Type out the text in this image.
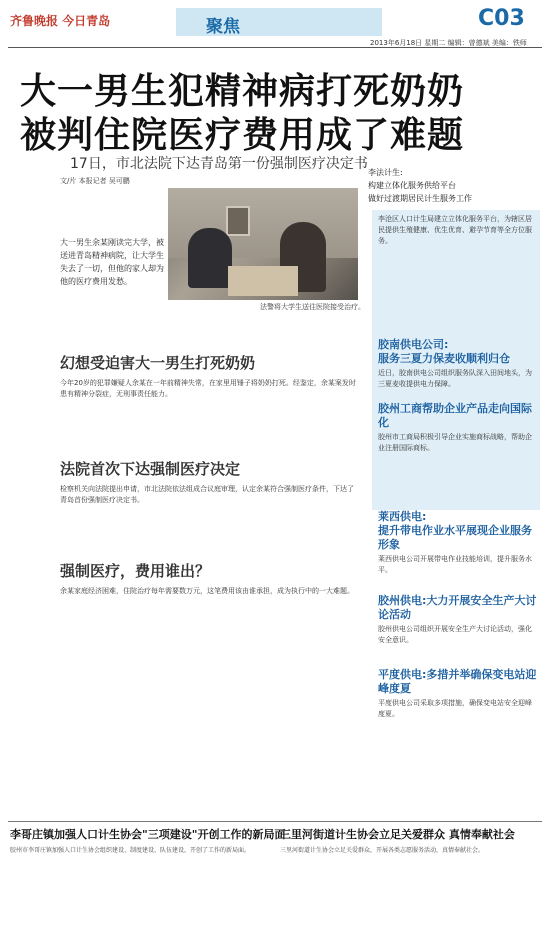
齐鲁晚报 今日青岛	聚焦	C03
2013年6月18日 星期二 编辑：曾德斌 美编：铁师
大一男生犯精神病打死奶奶
被判住院医疗费用成了难题
17日，市北法院下达青岛第一份强制医疗决定书
文/片 本报记者 吴可鹏
大一男生余某刚读完大学，被送进青岛精神病院，让大学生失去了一切，但他的家人却为他的医疗费用发愁。
法警将大学生送往医院接受治疗。
李法计生:
构建立体化服务供给平台
做好过渡期居民计生服务工作
李沧区人口计生局建立立体化服务平台，为辖区居民提供生殖健康、优生优育、避孕节育等全方位服务。
胶南供电公司:
服务三夏力保麦收顺利归仓
近日，胶南供电公司组织服务队深入田间地头，为三夏麦收提供电力保障。
胶州工商帮助企业产品走向国际化
胶州市工商局积极引导企业实施商标战略，帮助企业注册国际商标。
莱西供电:
提升带电作业水平展现企业服务形象
莱西供电公司开展带电作业技能培训，提升服务水平。
胶州供电:大力开展安全生产大讨论活动
胶州供电公司组织开展安全生产大讨论活动，强化安全意识。
平度供电:多措并举确保变电站迎峰度夏
平度供电公司采取多项措施，确保变电站安全迎峰度夏。
幻想受迫害大一男生打死奶奶
今年20岁的犯罪嫌疑人余某在一年前精神失常，在家里用锤子将奶奶打死。经鉴定，余某案发时患有精神分裂症，无刑事责任能力。
法院首次下达强制医疗决定
检察机关向法院提出申请，市北法院依法组成合议庭审理，认定余某符合强制医疗条件，下达了青岛首份强制医疗决定书。
强制医疗，费用谁出？
余某家庭经济困难，住院治疗每年需要数万元，这笔费用该由谁承担，成为执行中的一大难题。
李哥庄镇加强人口计生协会"三项建设"开创工作的新局面
胶州市李哥庄镇加强人口计生协会组织建设、制度建设、队伍建设，开创了工作的新局面。
三里河街道计生协会立足关爱群众 真情奉献社会
三里河街道计生协会立足关爱群众，开展各类志愿服务活动，真情奉献社会。
